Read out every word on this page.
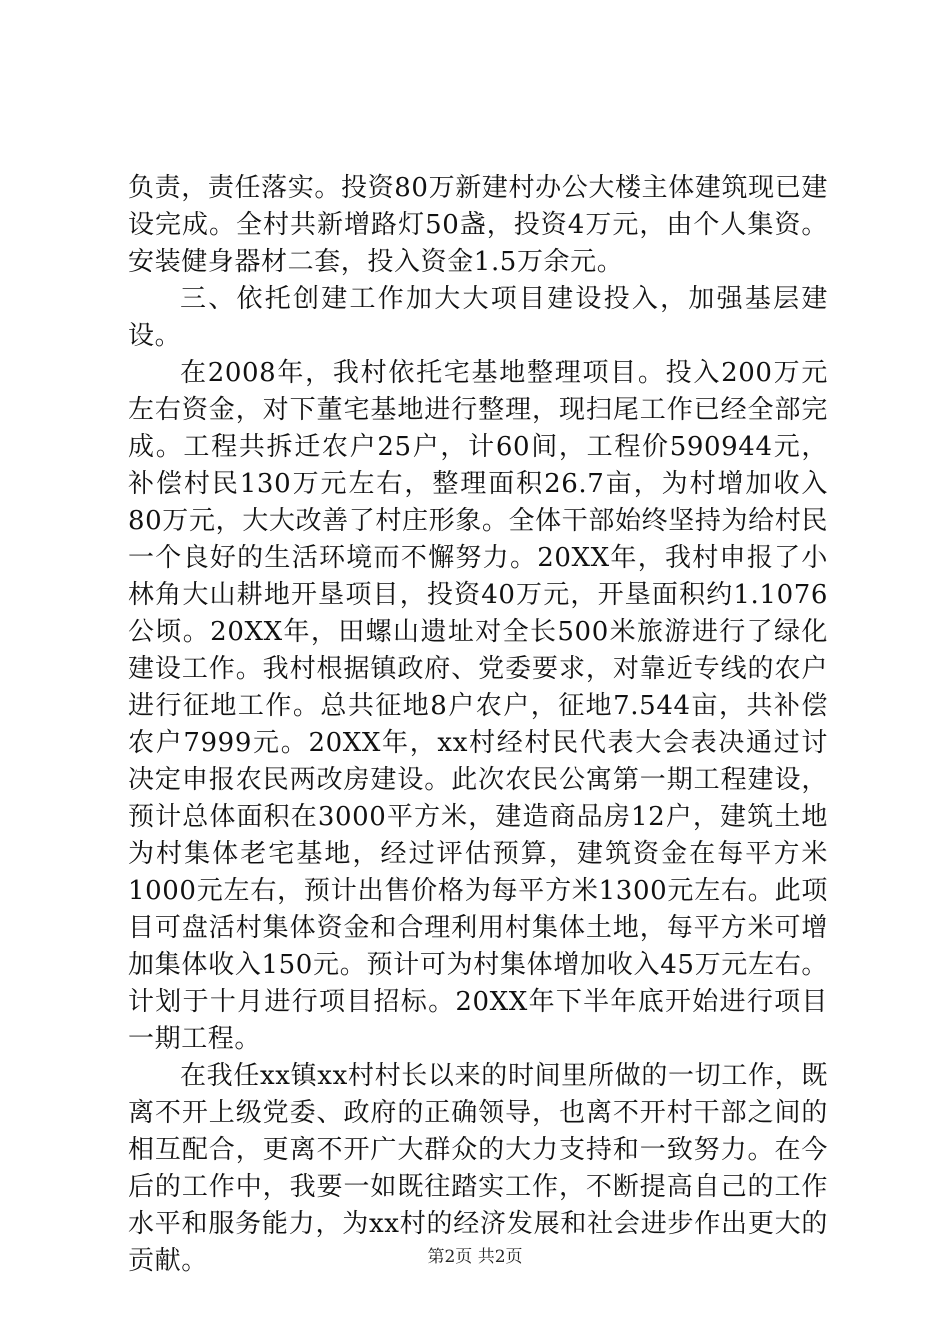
负责，责任落实。投资80万新建村办公大楼主体建筑现已建设完成。全村共新增路灯50盏，投资4万元，由个人集资。安装健身器材二套，投入资金1.5万余元。

三、依托创建工作加大大项目建设投入，加强基层建设。

在2008年，我村依托宅基地整理项目。投入200万元左右资金，对下董宅基地进行整理，现扫尾工作已经全部完成。工程共拆迁农户25户，计60间，工程价590944元，补偿村民130万元左右，整理面积26.7亩，为村增加收入80万元，大大改善了村庄形象。全体干部始终坚持为给村民一个良好的生活环境而不懈努力。20XX年，我村申报了小林角大山耕地开垦项目，投资40万元，开垦面积约1.1076公顷。20XX年，田螺山遗址对全长500米旅游进行了绿化建设工作。我村根据镇政府、党委要求，对靠近专线的农户进行征地工作。总共征地8户农户，征地7.544亩，共补偿农户7999元。20XX年，xx村经村民代表大会表决通过讨决定申报农民两改房建设。此次农民公寓第一期工程建设，预计总体面积在3000平方米，建造商品房12户，建筑土地为村集体老宅基地，经过评估预算，建筑资金在每平方米1000元左右，预计出售价格为每平方米1300元左右。此项目可盘活村集体资金和合理利用村集体土地，每平方米可增加集体收入150元。预计可为村集体增加收入45万元左右。计划于十月进行项目招标。20XX年下半年底开始进行项目一期工程。

在我任xx镇xx村村长以来的时间里所做的一切工作，既离不开上级党委、政府的正确领导，也离不开村干部之间的相互配合，更离不开广大群众的大力支持和一致努力。在今后的工作中，我要一如既往踏实工作，不断提高自己的工作水平和服务能力，为xx村的经济发展和社会进步作出更大的贡献。	第2页 共2页
